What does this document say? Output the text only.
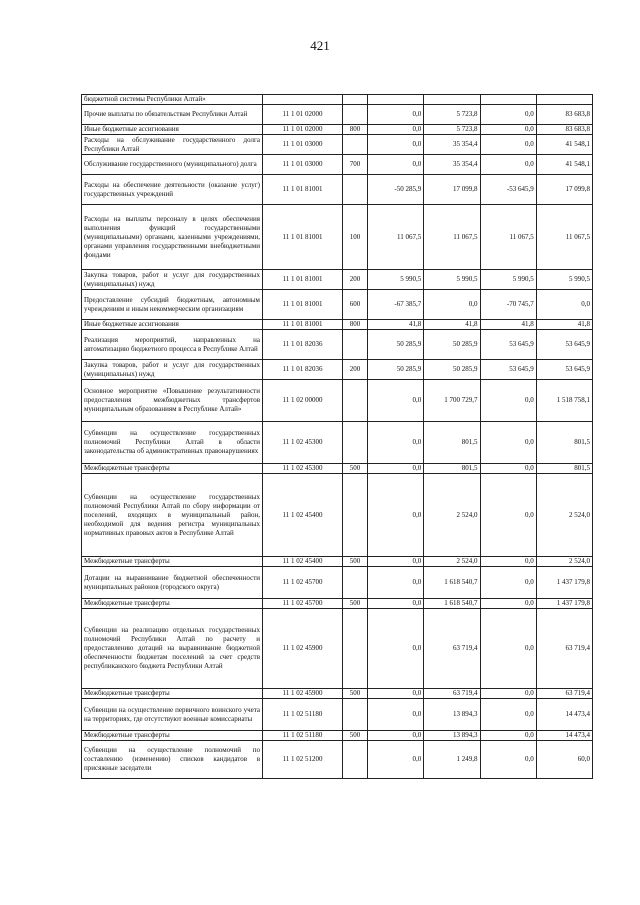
421
бюджетной системы Республики Алтай»						
Прочие выплаты по обязательствам Республики Алтай	11 1 01 02000		0,0	5 723,8	0,0	83 683,8
Иные бюджетные ассигнования	11 1 01 02000	800	0,0	5 723,8	0,0	83 683,8
Расходы на обслуживание государственного долга Республики Алтай	11 1 01 03000		0,0	35 354,4	0,0	41 548,1
Обслуживание государственного (муниципального) долга	11 1 01 03000	700	0,0	35 354,4	0,0	41 548,1
Расходы на обеспечение деятельности (оказание услуг) государственных учреждений	11 1 01 81001		-50 285,9	17 099,8	-53 645,9	17 099,8
Расходы на выплаты персоналу в целях обеспечения выполнения функций государственными (муниципальными) органами, казенными учреждениями, органами управления государственными внебюджетными фондами	11 1 01 81001	100	11 067,5	11 067,5	11 067,5	11 067,5
Закупка товаров, работ и услуг для государственных (муниципальных) нужд	11 1 01 81001	200	5 990,5	5 990,5	5 990,5	5 990,5
Предоставление субсидий бюджетным, автономным учреждениям и иным некоммерческим организациям	11 1 01 81001	600	-67 385,7	0,0	-70 745,7	0,0
Иные бюджетные ассигнования	11 1 01 81001	800	41,8	41,8	41,8	41,8
Реализация мероприятий, направленных на автоматизацию бюджетного процесса в Республике Алтай	11 1 01 82036		50 285,9	50 285,9	53 645,9	53 645,9
Закупка товаров, работ и услуг для государственных (муниципальных) нужд	11 1 01 82036	200	50 285,9	50 285,9	53 645,9	53 645,9
Основное мероприятие «Повышение результативности предоставления межбюджетных трансфертов муниципальным образованиям в Республике Алтай»	11 1 02 00000		0,0	1 700 729,7	0,0	1 518 758,1
Субвенции на осуществление государственных полномочий Республики Алтай в области законодательства об административных правонарушениях	11 1 02 45300		0,0	801,5	0,0	801,5
Межбюджетные трансферты	11 1 02 45300	500	0,0	801,5	0,0	801,5
Субвенции на осуществление государственных полномочий Республики Алтай по сбору информации от поселений, входящих в муниципальный район, необходимой для ведения регистра муниципальных нормативных правовых актов в Республике Алтай	11 1 02 45400		0,0	2 524,0	0,0	2 524,0
Межбюджетные трансферты	11 1 02 45400	500	0,0	2 524,0	0,0	2 524,0
Дотации на выравнивание бюджетной обеспеченности муниципальных районов (городского округа)	11 1 02 45700		0,0	1 618 540,7	0,0	1 437 179,8
Межбюджетные трансферты	11 1 02 45700	500	0,0	1 618 540,7	0,0	1 437 179,8
Субвенции на реализацию отдельных государственных полномочий Республики Алтай по расчету и предоставлению дотаций на выравнивание бюджетной обеспеченности бюджетам поселений за счет средств республиканского бюджета Республики Алтай	11 1 02 45900		0,0	63 719,4	0,0	63 719,4
Межбюджетные трансферты	11 1 02 45900	500	0,0	63 719,4	0,0	63 719,4
Субвенции на осуществление первичного воинского учета на территориях, где отсутствуют военные комиссариаты	11 1 02 51180		0,0	13 894,3	0,0	14 473,4
Межбюджетные трансферты	11 1 02 51180	500	0,0	13 894,3	0,0	14 473,4
Субвенции на осуществление полномочий по составлению (изменению) списков кандидатов в присяжные заседатели	11 1 02 51200		0,0	1 249,8	0,0	60,0
